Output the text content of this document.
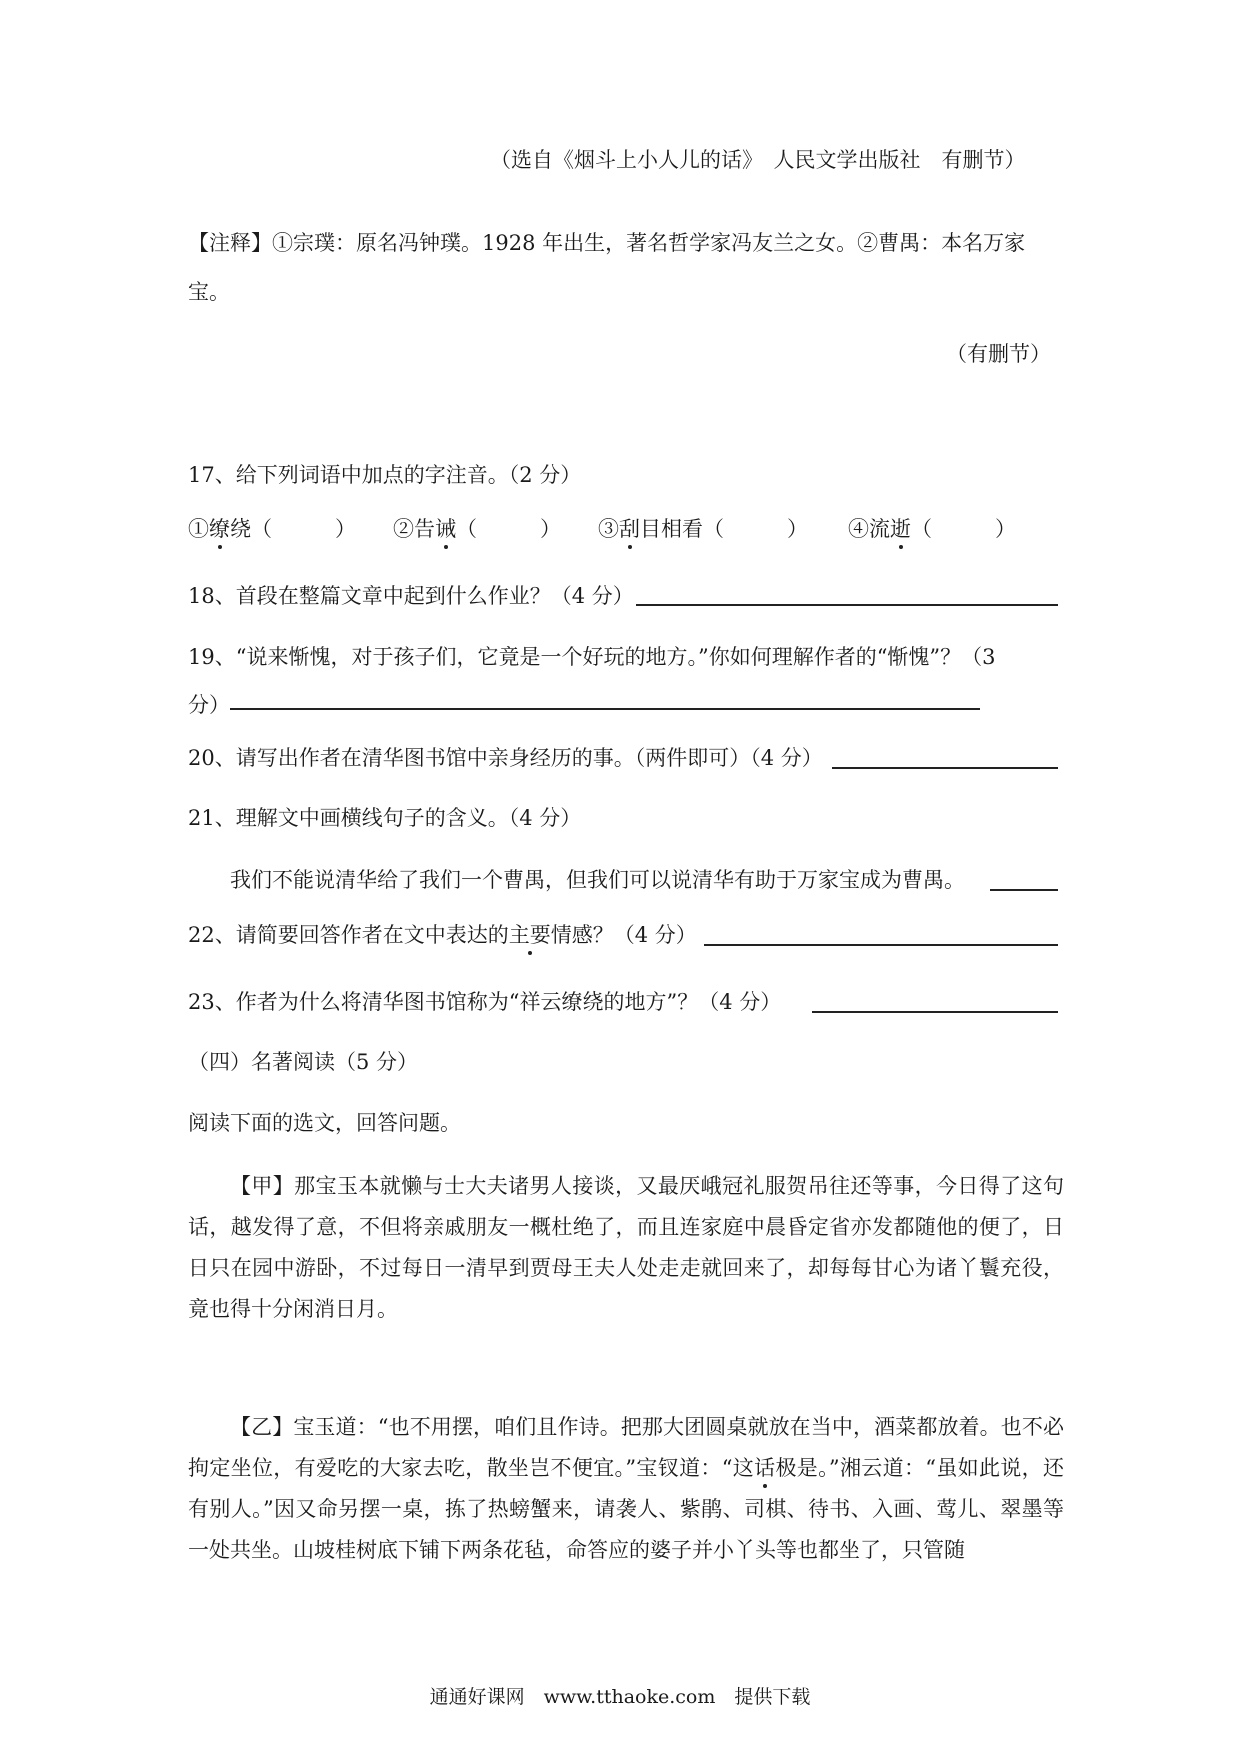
（选自《烟斗上小人儿的话》　人民文学出版社　有删节）
【注释】①宗璞：原名冯钟璞。1928 年出生，著名哲学家冯友兰之女。②曹禺：本名万家
宝。
（有删节）
17、给下列词语中加点的字注音。（2 分）
①缭绕（　　　） ②告诫（　　　） ③刮目相看（　　　） ④流逝（　　　）
18、首段在整篇文章中起到什么作业？（4 分）
19、“说来惭愧，对于孩子们，它竟是一个好玩的地方。”你如何理解作者的“惭愧”？（3
分）
20、请写出作者在清华图书馆中亲身经历的事。（两件即可）（4 分）
21、理解文中画横线句子的含义。（4 分）
我们不能说清华给了我们一个曹禺，但我们可以说清华有助于万家宝成为曹禺。
22、请简要回答作者在文中表达的主要情感？（4 分）
23、作者为什么将清华图书馆称为“祥云缭绕的地方”？（4 分）
（四）名著阅读（5 分）
阅读下面的选文，回答问题。
【甲】那宝玉本就懒与士大夫诸男人接谈，又最厌峨冠礼服贺吊往还等事，今日得了这句话，越发得了意，不但将亲戚朋友一概杜绝了，而且连家庭中晨昏定省亦发都随他的便了，日日只在园中游卧，不过每日一清早到贾母王夫人处走走就回来了，却每每甘心为诸丫鬟充役，竟也得十分闲消日月。
【乙】宝玉道：“也不用摆，咱们且作诗。把那大团圆桌就放在当中，酒菜都放着。也不必拘定坐位，有爱吃的大家去吃，散坐岂不便宜。”宝钗道：“这话极是。”湘云道：“虽如此说，还有别人。”因又命另摆一桌，拣了热螃蟹来，请袭人、紫鹃、司棋、待书、入画、莺儿、翠墨等一处共坐。山坡桂树底下铺下两条花毡，命答应的婆子并小丫头等也都坐了，只管随
通通好课网　www.tthaoke.com　提供下载
